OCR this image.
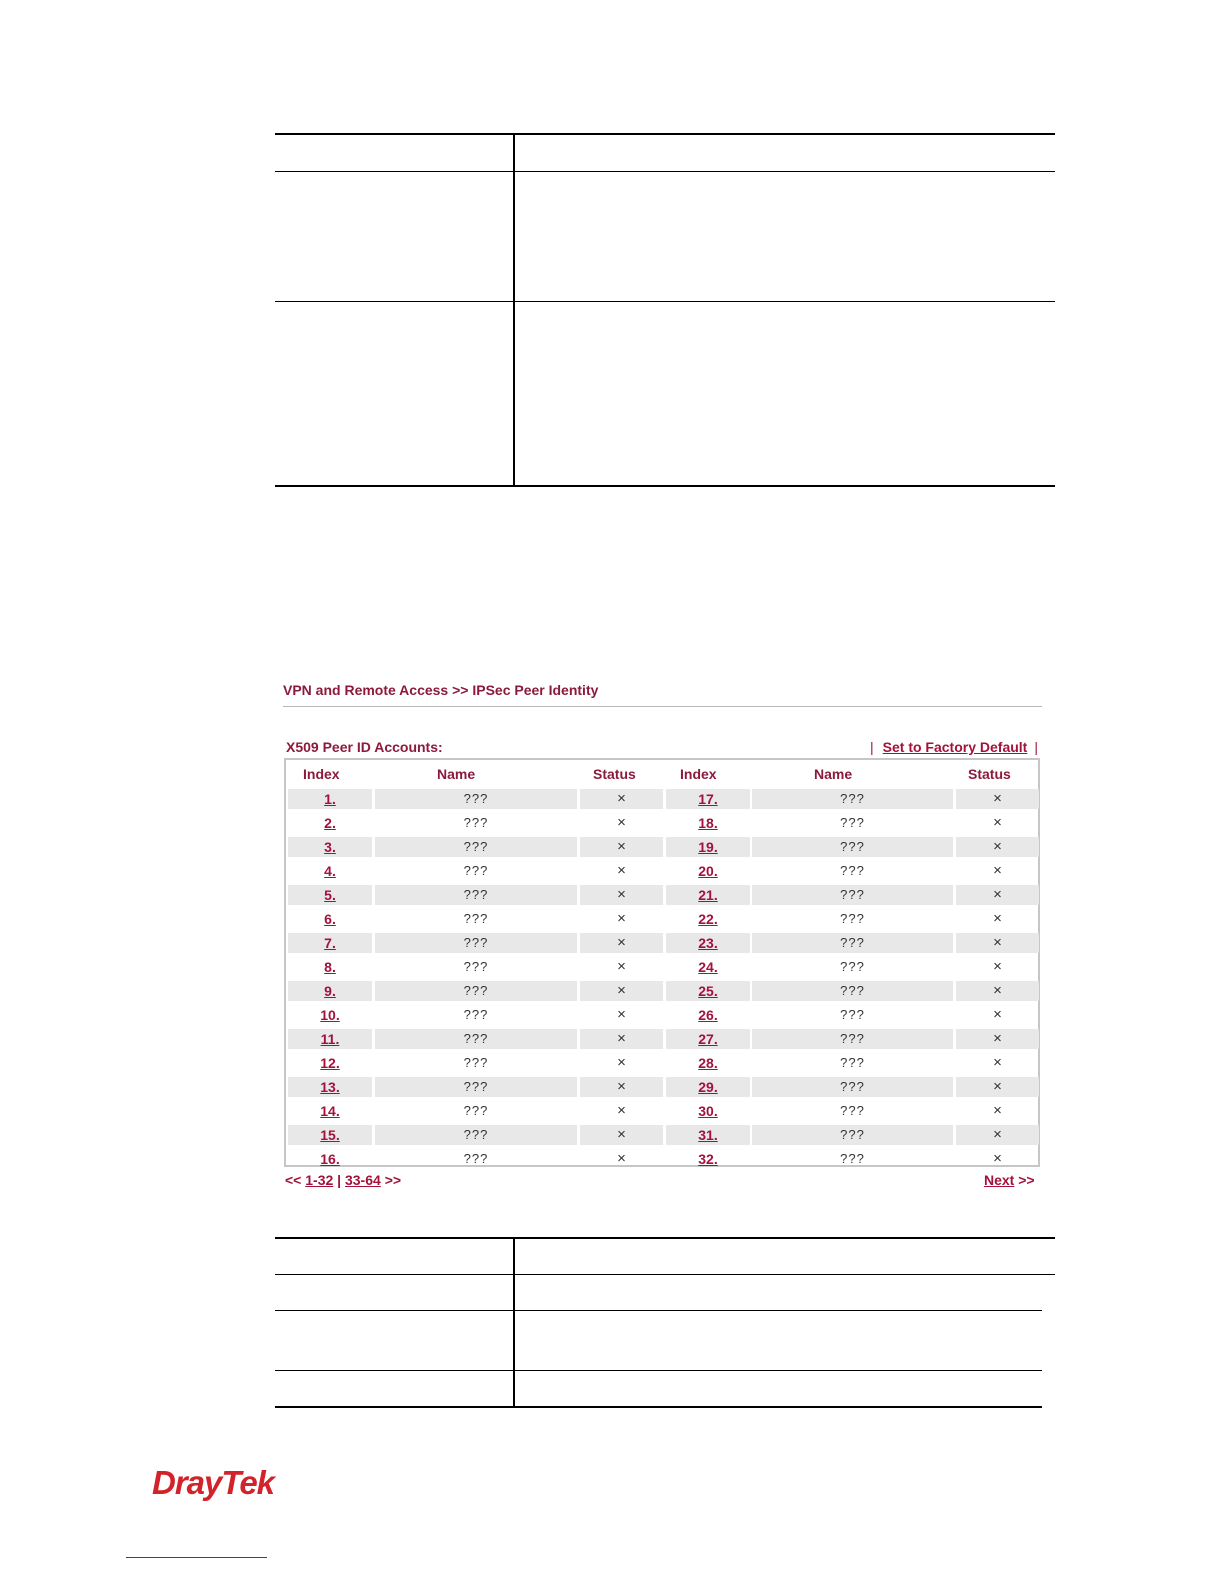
VPN and Remote Access >> IPSec Peer Identity
X509 Peer ID Accounts:	| Set to Factory Default |
Index	Name	Status	Index	Name	Status
1.	???	×	17.	???	×
2.	???	×	18.	???	×
3.	???	×	19.	???	×
4.	???	×	20.	???	×
5.	???	×	21.	???	×
6.	???	×	22.	???	×
7.	???	×	23.	???	×
8.	???	×	24.	???	×
9.	???	×	25.	???	×
10.	???	×	26.	???	×
11.	???	×	27.	???	×
12.	???	×	28.	???	×
13.	???	×	29.	???	×
14.	???	×	30.	???	×
15.	???	×	31.	???	×
16.	???	×	32.	???	×
<< 1-32 | 33-64 >>	Next >>
DrayTek
